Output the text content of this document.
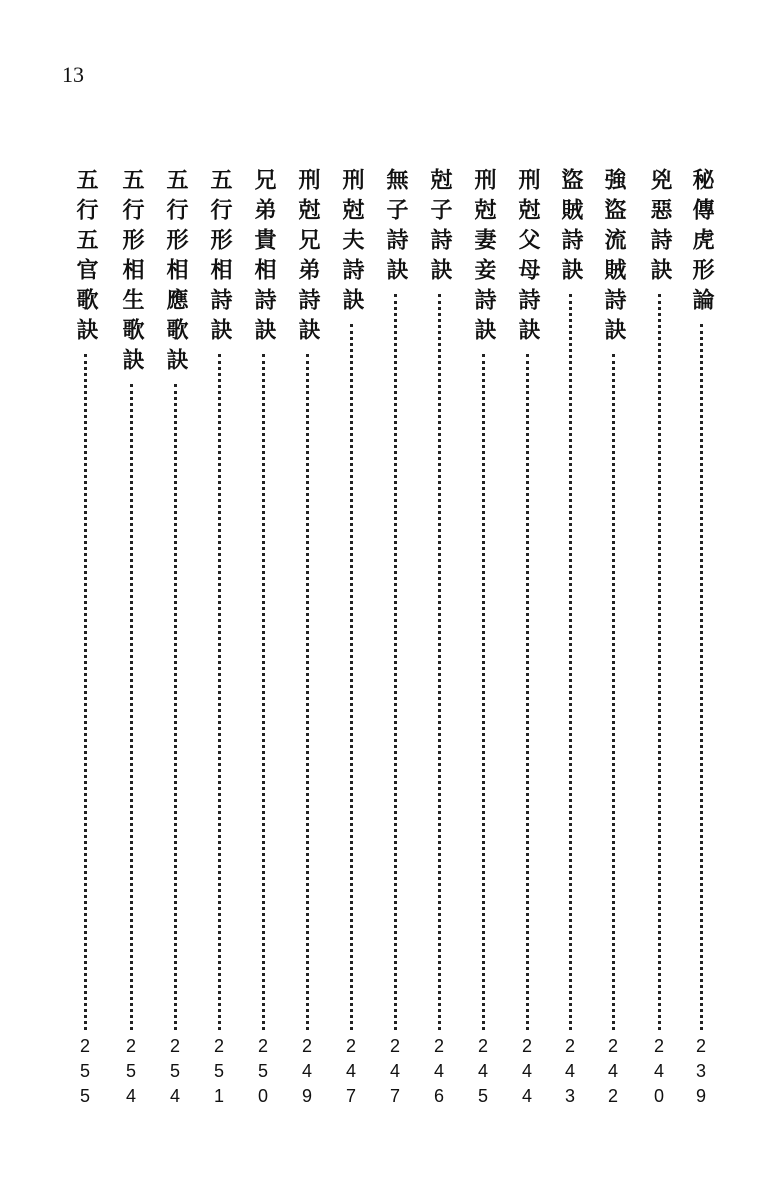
13
秘傳虎形論
239
兇惡詩訣
240
強盜流賊詩訣
242
盜賊詩訣
243
刑尅父母詩訣
244
刑尅妻妾詩訣
245
尅子詩訣
246
無子詩訣
247
刑尅夫詩訣
247
刑尅兄弟詩訣
249
兄弟貴相詩訣
250
五行形相詩訣
251
五行形相應歌訣
254
五行形相生歌訣
254
五行五官歌訣
255
